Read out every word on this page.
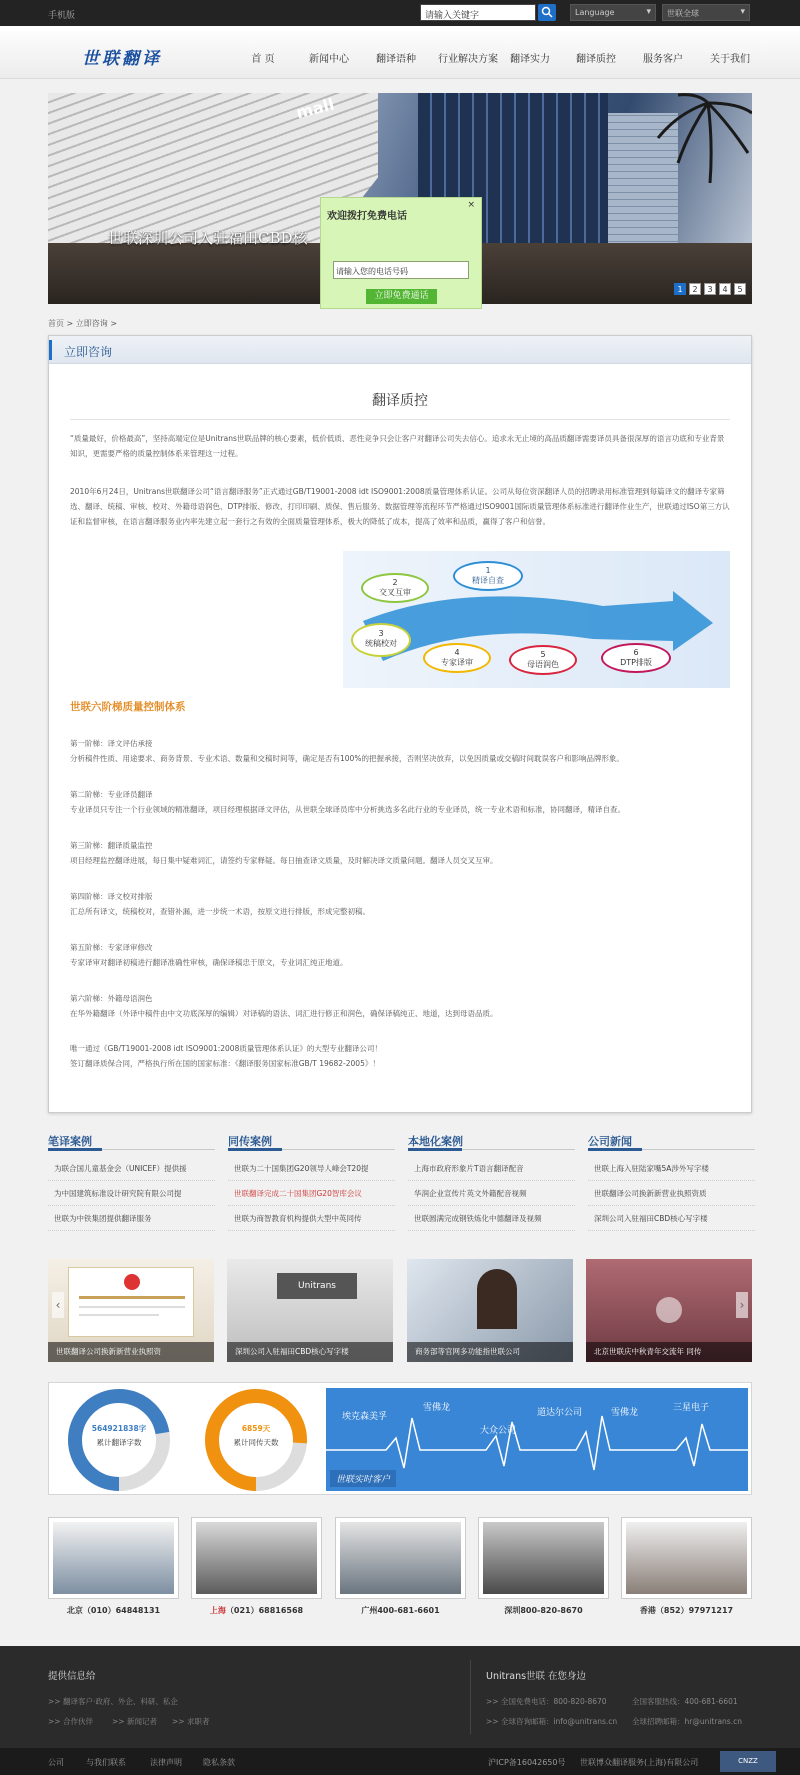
手机版	请输入关键字	Language	▾	世联全球	▾
世联翻译	首 页	新闻中心	翻译语种	行业解决方案	翻译实力	翻译质控	服务客户	关于我们
mall
世联深圳公司入驻福田CBD核
1	2	3	4	5
欢迎拨打免费电话
×
请输入您的电话号码
立即免费通话
首页 > 立即咨询 >
立即咨询
翻译质控
“质量最好，价格最高”，坚持高端定位是Unitrans世联品牌的核心要素，低价低质、恶性竞争只会让客户对翻译公司失去信心。追求永无止境的高品质翻译需要译员具备很深厚的语言功底和专业背景知识，更需要严格的质量控制体系来管理这一过程。
2010年6月24日，Unitrans世联翻译公司“语言翻译服务”正式通过GB/T19001-2008 idt ISO9001:2008质量管理体系认证。公司从每位资深翻译人员的招聘录用标准管理到每篇译文的翻译专家筛选、翻译、统稿、审核、校对、外籍母语润色、DTP排版、修改、打印印刷、质保、售后服务、数据管理等流程环节严格通过ISO9001国际质量管理体系标准进行翻译作业生产，世联通过ISO第三方认证和监督审核，在语言翻译服务业内率先建立起一套行之有效的全面质量管理体系，极大的降低了成本，提高了效率和品质，赢得了客户和信誉。
1
精译自查
2
交叉互审
3
统稿校对
4
专家译审
5
母语润色
6
DTP排版
世联六阶梯质量控制体系
第一阶梯：译文评估承接
分析稿件性质、用途要求、商务背景、专业术语、数量和交稿时间等，确定是否有100%的把握承接，否则坚决放弃，以免因质量或交稿时间耽误客户和影响品牌形象。
第二阶梯：专业译员翻译
专业译员只专注一个行业领域的精准翻译，项目经理根据译文评估，从世联全球译员库中分析挑选多名此行业的专业译员，统一专业术语和标准，协同翻译，精译自查。
第三阶梯：翻译质量监控
项目经理监控翻译进展，每日集中疑难词汇，请签约专家释疑。每日抽查译文质量，及时解决译文质量问题。翻译人员交叉互审。
第四阶梯：译文校对排版
汇总所有译文，统稿校对，查错补漏，进一步统一术语，按原文进行排版，形成完整初稿。
第五阶梯：专家译审修改
专家译审对翻译初稿进行翻译准确性审核，确保译稿忠于原文，专业词汇纯正地道。
第六阶梯：外籍母语润色
在华外籍翻译（外译中稿件由中文功底深厚的编辑）对译稿的语法、词汇进行修正和润色，确保译稿纯正、地道，达到母语品质。
唯一通过《GB/T19001-2008 idt ISO9001:2008质量管理体系认证》的大型专业翻译公司！
签订翻译质保合同，严格执行所在国的国家标准：《翻译服务国家标准GB/T 19682-2005》！
笔译案例
为联合国儿童基金会（UNICEF）提供援
为中国建筑标准设计研究院有限公司提
世联为中铁集团提供翻译服务
同传案例
世联为二十国集团G20领导人峰会T20提
世联翻译完成二十国集团G20智库会议
世联为商智教育机构提供大型中英同传
本地化案例
上海市政府形象片T语言翻译配音
华润企业宣传片英文外籍配音视频
世联圆满完成钢铁炼化中德翻译及视频
公司新闻
世联上海入驻陆家嘴5A涉外写字楼
世联翻译公司换新新营业执照资质
深圳公司入驻福田CBD核心写字楼
‹
世联翻译公司换新新营业执照资
Unitrans
深圳公司入驻福田CBD核心写字楼	商务部等官网多功能指世联公司
›
北京世联庆中秋青年交流年 同传
564921838字
累计翻译字数
6859天
累计同传天数
埃克森美孚
雪佛龙	道达尔公司	雪佛龙	三星电子
大众公司
世联实时客户
北京（010）64848131	上海（021）68816568	广州400-681-6601	深圳800-820-8670	香港（852）97971217
提供信息给
>> 翻译客户·政府、外企、科研、私企
>> 合作伙伴	>> 新闻记者 >> 求职者
Unitrans世联 在您身边
>> 全国免费电话：800-820-8670	全国客服热线：400-681-6601
>> 全球咨询邮箱：info@unitrans.cn 全球招聘邮箱：hr@unitrans.cn
公司	与我们联系	法律声明	隐私条款	沪ICP备16042650号 世联博众翻译服务(上海)有限公司	CNZZ
